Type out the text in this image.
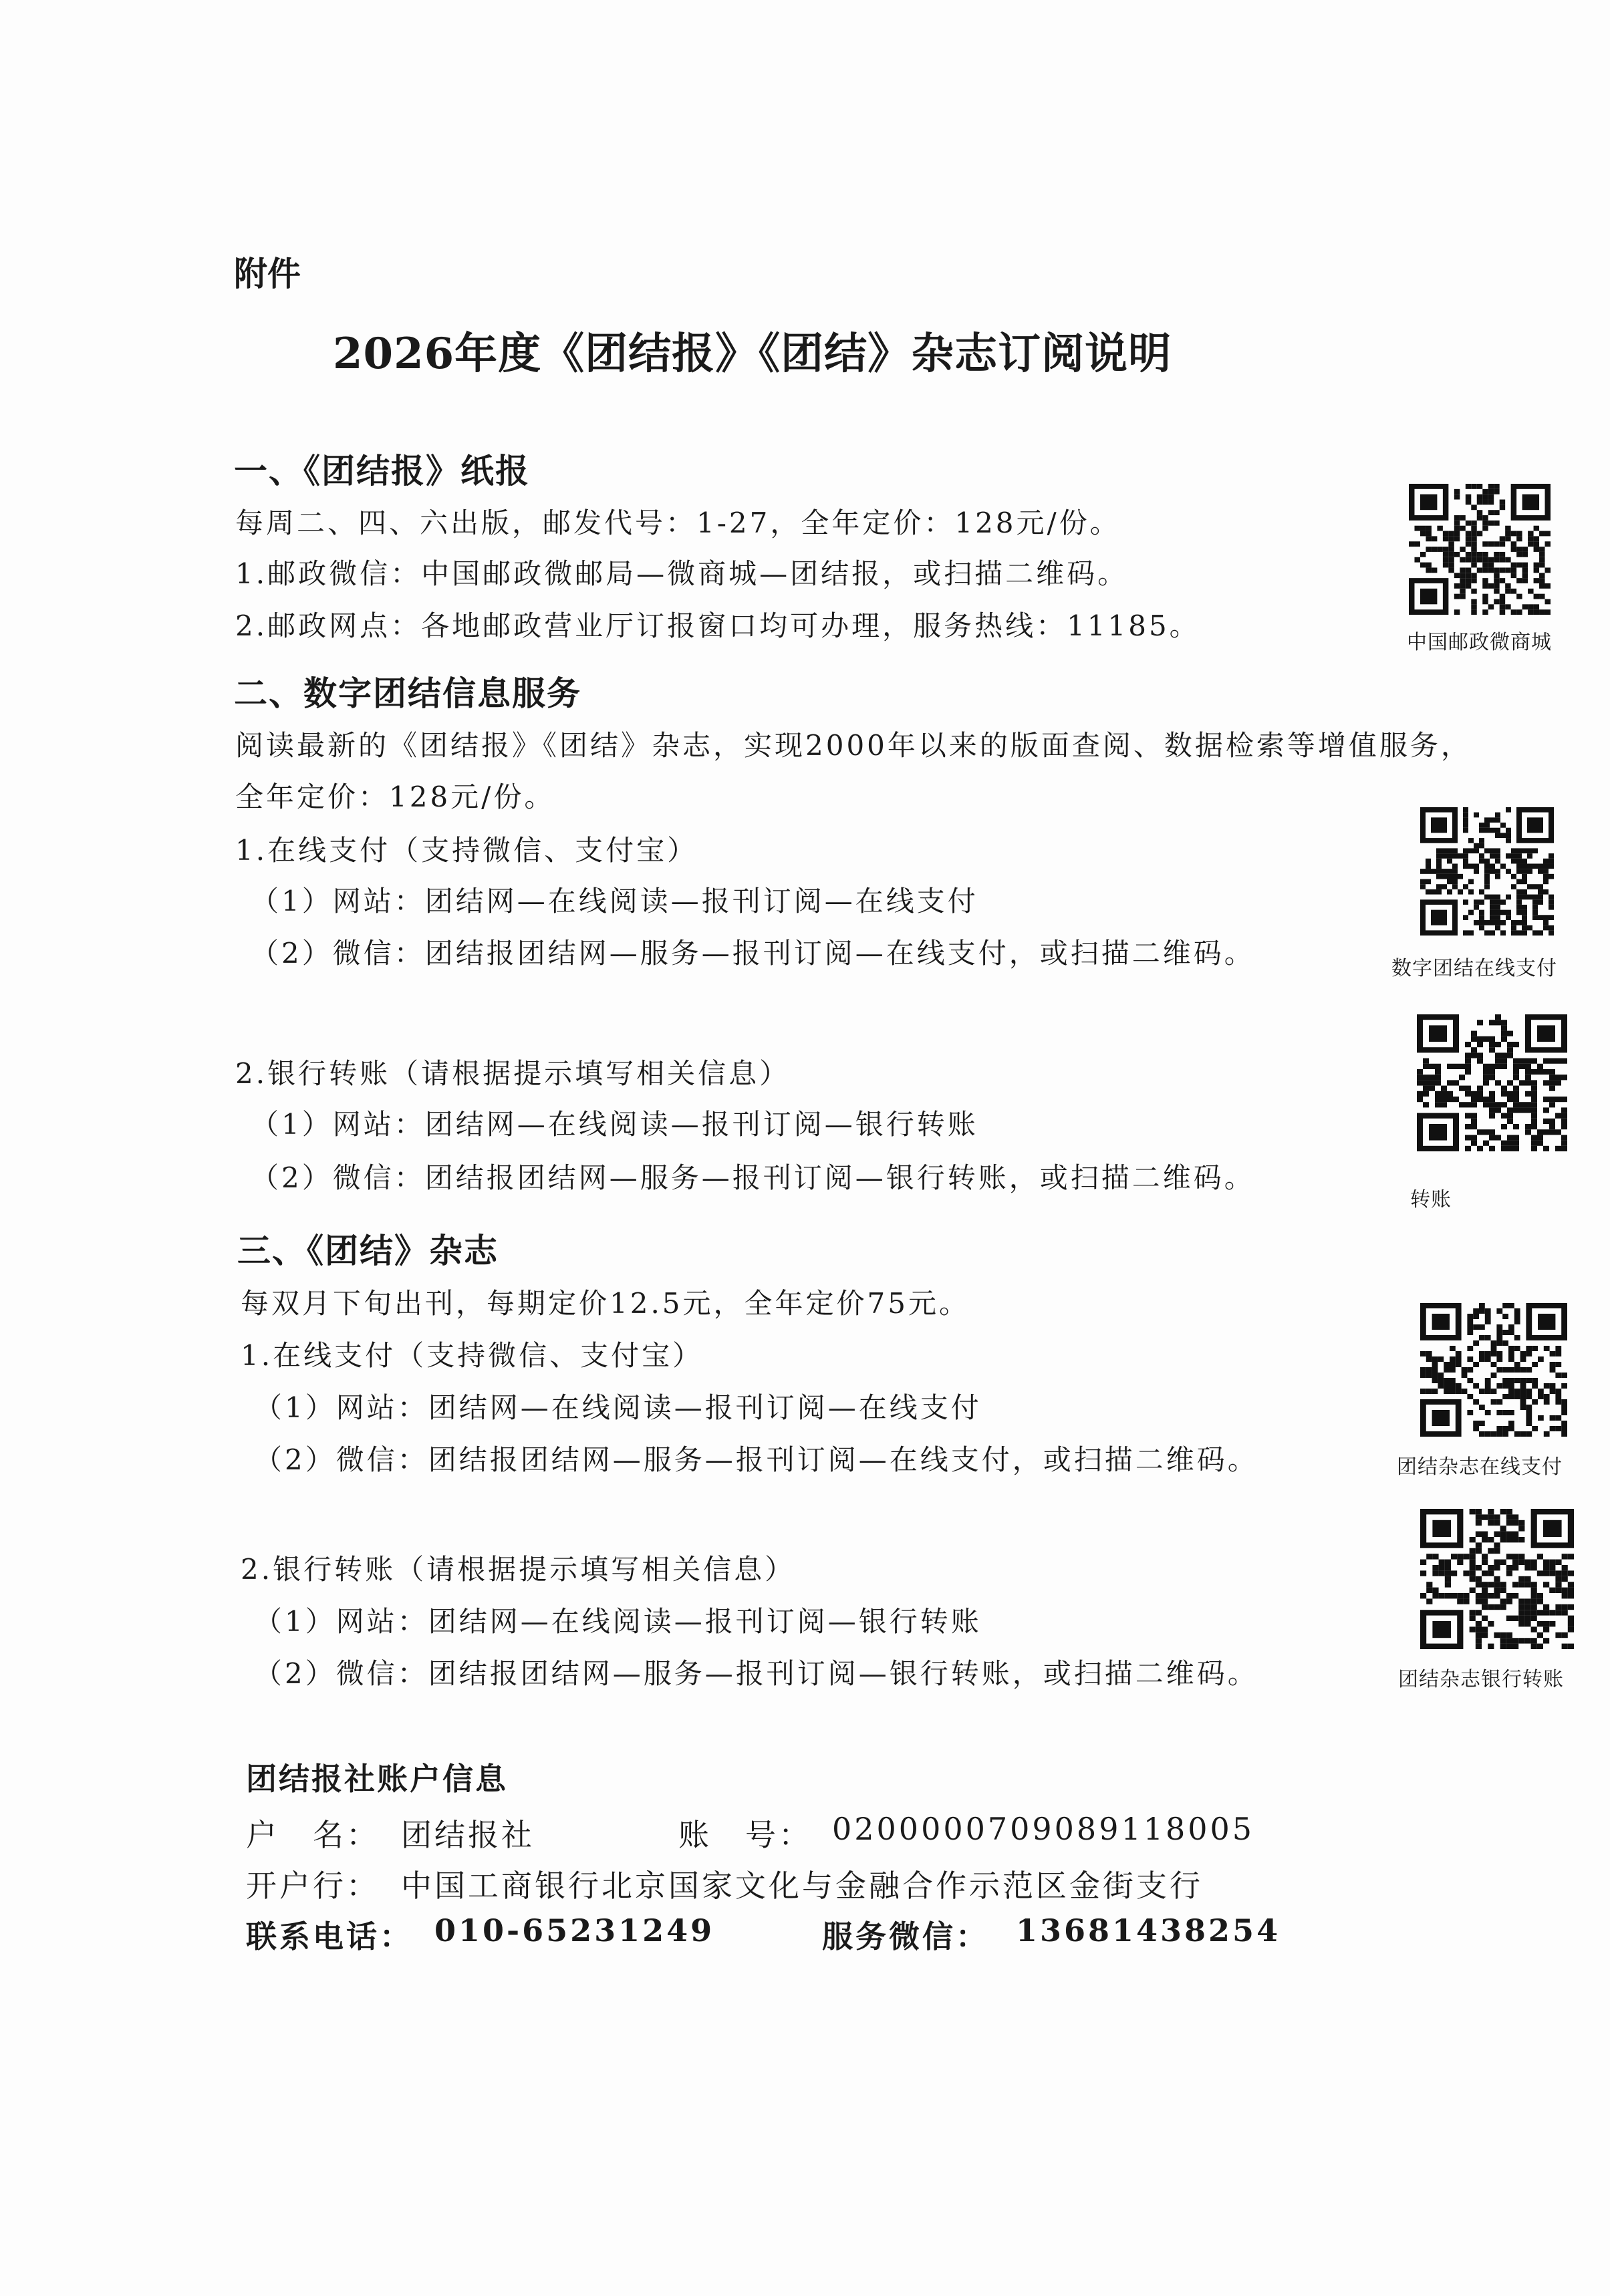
附件
2026年度《团结报》《团结》杂志订阅说明
一、《团结报》纸报
每周二、四、六出版，邮发代号：1-27，全年定价：128元/份。
1.邮政微信：中国邮政微邮局—微商城—团结报，或扫描二维码。
2.邮政网点：各地邮政营业厅订报窗口均可办理，服务热线：11185。
二、数字团结信息服务
阅读最新的《团结报》《团结》杂志，实现2000年以来的版面查阅、数据检索等增值服务，
全年定价：128元/份。
1.在线支付（支持微信、支付宝）
（1）网站：团结网—在线阅读—报刊订阅—在线支付
（2）微信：团结报团结网—服务—报刊订阅—在线支付，或扫描二维码。
2.银行转账（请根据提示填写相关信息）
（1）网站：团结网—在线阅读—报刊订阅—银行转账
（2）微信：团结报团结网—服务—报刊订阅—银行转账，或扫描二维码。
三、《团结》杂志
每双月下旬出刊，每期定价12.5元，全年定价75元。
1.在线支付（支持微信、支付宝）
（1）网站：团结网—在线阅读—报刊订阅—在线支付
（2）微信：团结报团结网—服务—报刊订阅—在线支付，或扫描二维码。
2.银行转账（请根据提示填写相关信息）
（1）网站：团结网—在线阅读—报刊订阅—银行转账
（2）微信：团结报团结网—服务—报刊订阅—银行转账，或扫描二维码。
团结报社账户信息
户　名： 团结报社	账　号： 0200000709089118005
开户行： 中国工商银行北京国家文化与金融合作示范区金街支行
联系电话： 010-65231249	服务微信： 13681438254
中国邮政微商城
数字团结在线支付
转账
团结杂志在线支付
团结杂志银行转账
